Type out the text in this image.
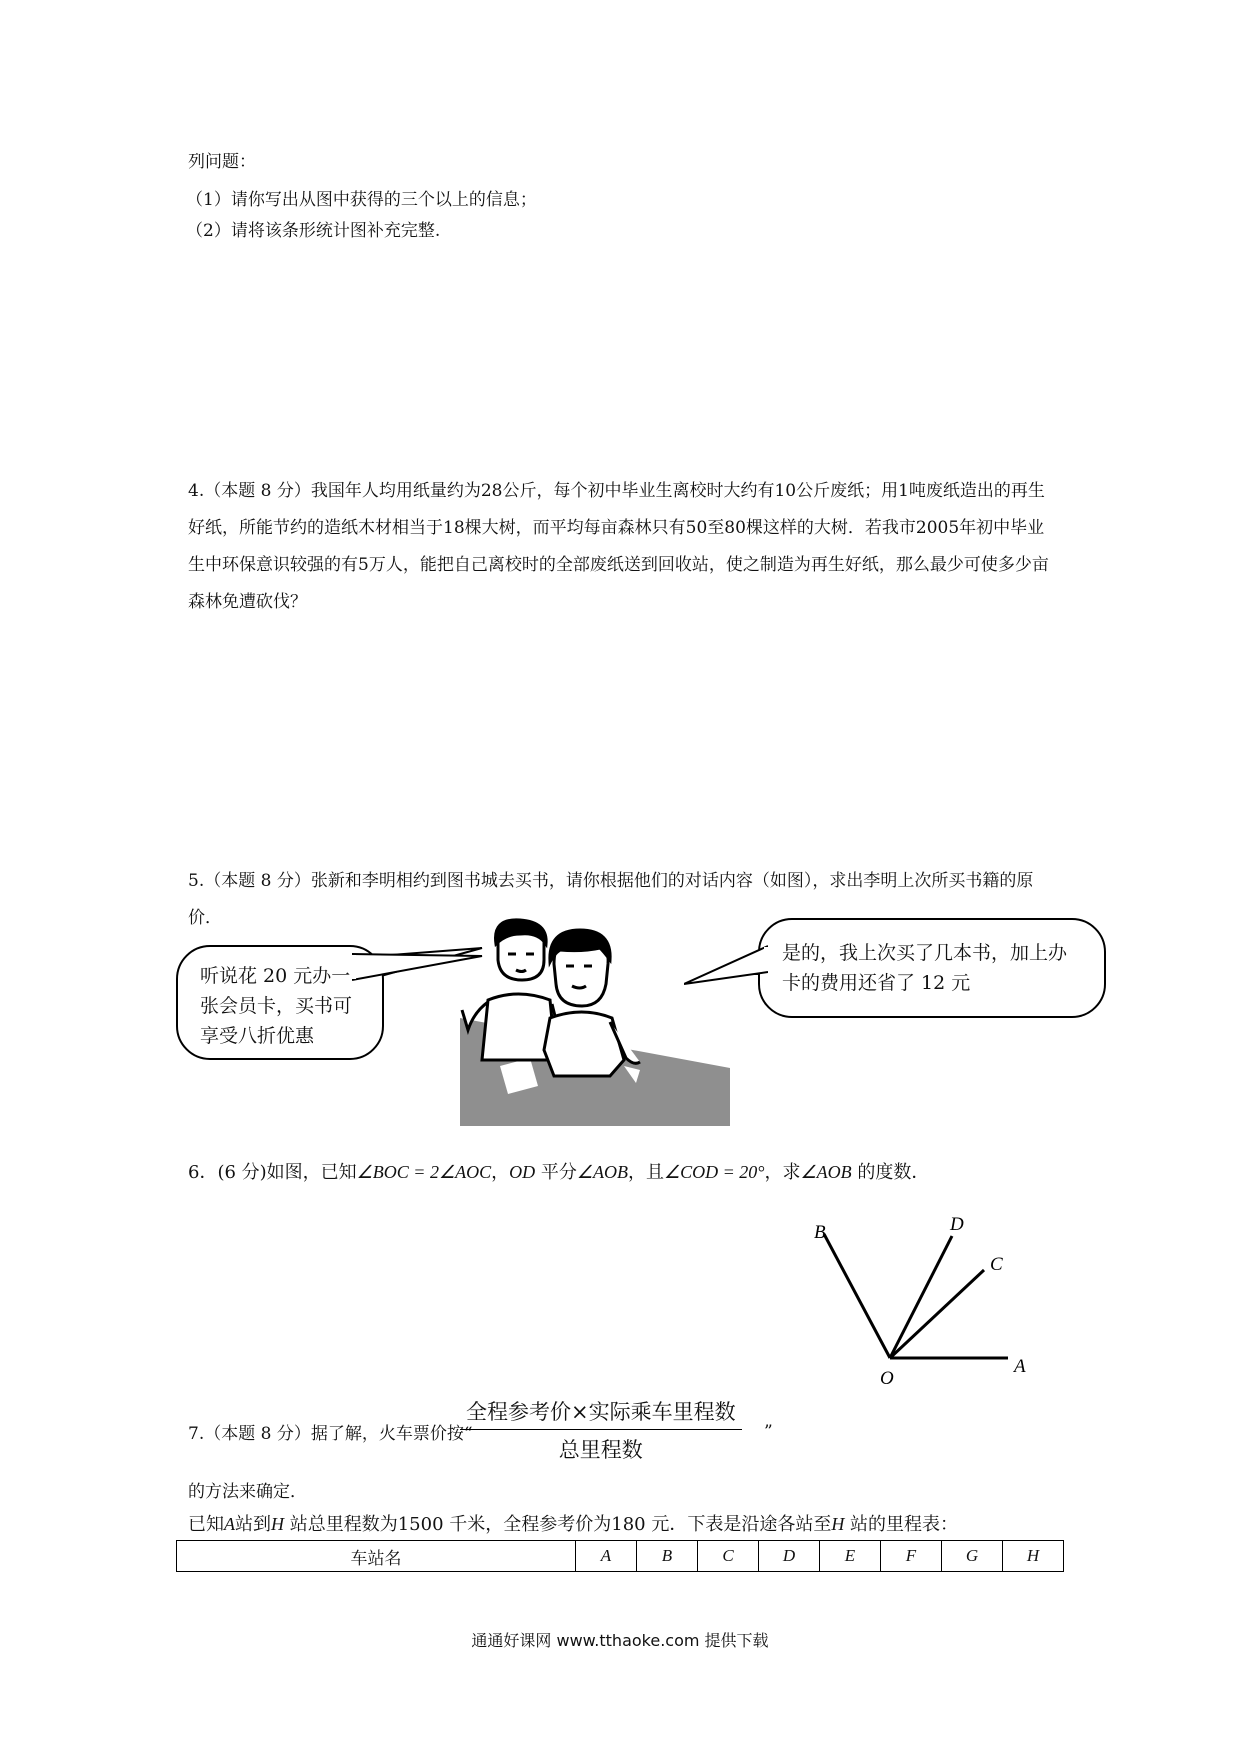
列问题：
（1）请你写出从图中获得的三个以上的信息；
（2）请将该条形统计图补充完整.
4.（本题 8 分）我国年人均用纸量约为28公斤，每个初中毕业生离校时大约有10公斤废纸；用1吨废纸造出的再生好纸，所能节约的造纸木材相当于18棵大树，而平均每亩森林只有50至80棵这样的大树．若我市2005年初中毕业生中环保意识较强的有5万人，能把自己离校时的全部废纸送到回收站，使之制造为再生好纸，那么最少可使多少亩森林免遭砍伐？
5.（本题 8 分）张新和李明相约到图书城去买书，请你根据他们的对话内容（如图），求出李明上次所买书籍的原价．
听说花 20 元办一张会员卡，买书可享受八折优惠
是的，我上次买了几本书，加上办卡的费用还省了 12 元
6．(6 分)如图，已知∠BOC = 2∠AOC，OD 平分∠AOB，且∠COD = 20°，求∠AOB 的度数．
A
B
C
D
O
7.（本题 8 分）据了解，火车票价按“
全程参考价×实际乘车里程数
总里程数
”
的方法来确定．
已知A站到H 站总里程数为1500 千米，全程参考价为180 元．下表是沿途各站至H 站的里程表：
车站名	A	B	C	D	E	F	G	H
通通好课网 www.tthaoke.com 提供下载
